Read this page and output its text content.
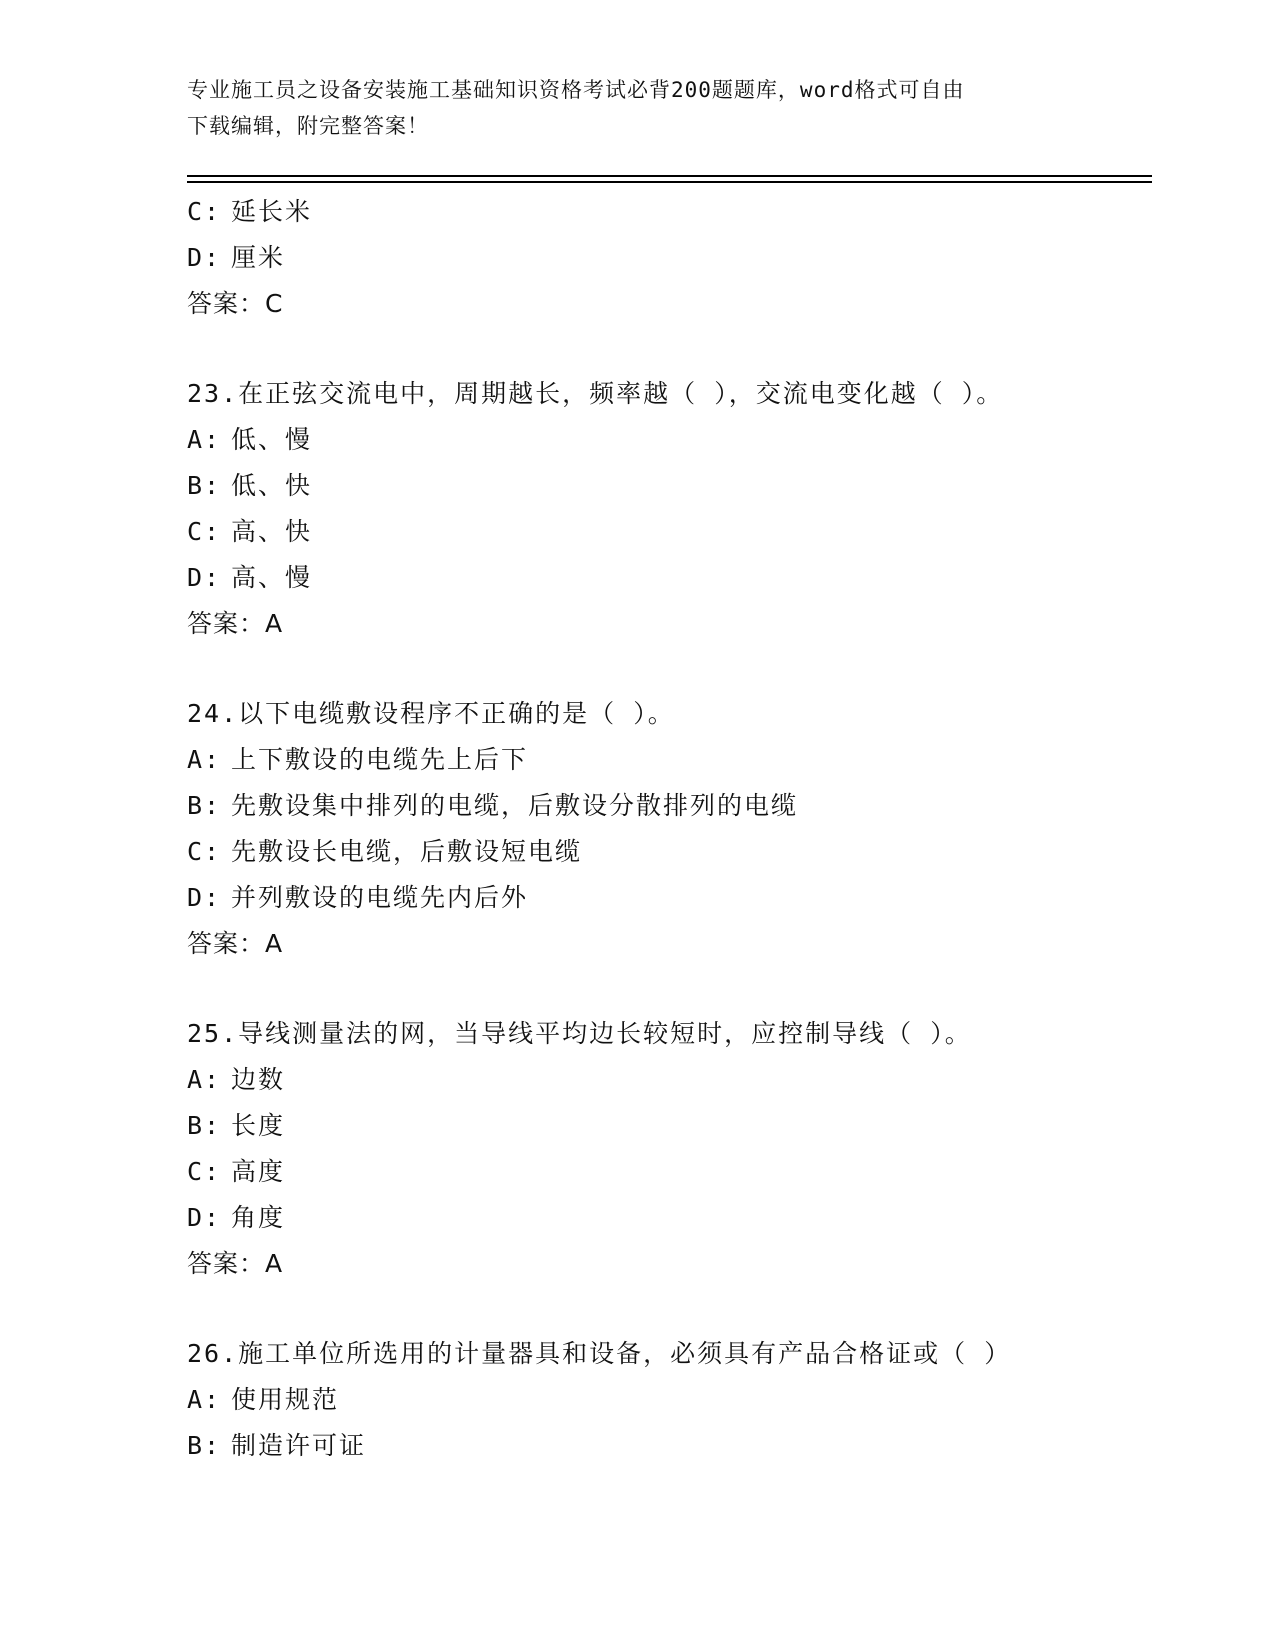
专业施工员之设备安装施工基础知识资格考试必背200题题库，word格式可自由
下载编辑，附完整答案！
C: 延长米
D: 厘米
答案：C
23.在正弦交流电中，周期越长，频率越（ ），交流电变化越（ ）。
A: 低、慢
B: 低、快
C: 高、快
D: 高、慢
答案：A
24.以下电缆敷设程序不正确的是（ ）。
A: 上下敷设的电缆先上后下
B: 先敷设集中排列的电缆，后敷设分散排列的电缆
C: 先敷设长电缆，后敷设短电缆
D: 并列敷设的电缆先内后外
答案：A
25.导线测量法的网，当导线平均边长较短时，应控制导线（ ）。
A: 边数
B: 长度
C: 高度
D: 角度
答案：A
26.施工单位所选用的计量器具和设备，必须具有产品合格证或（ ）
A: 使用规范
B: 制造许可证
